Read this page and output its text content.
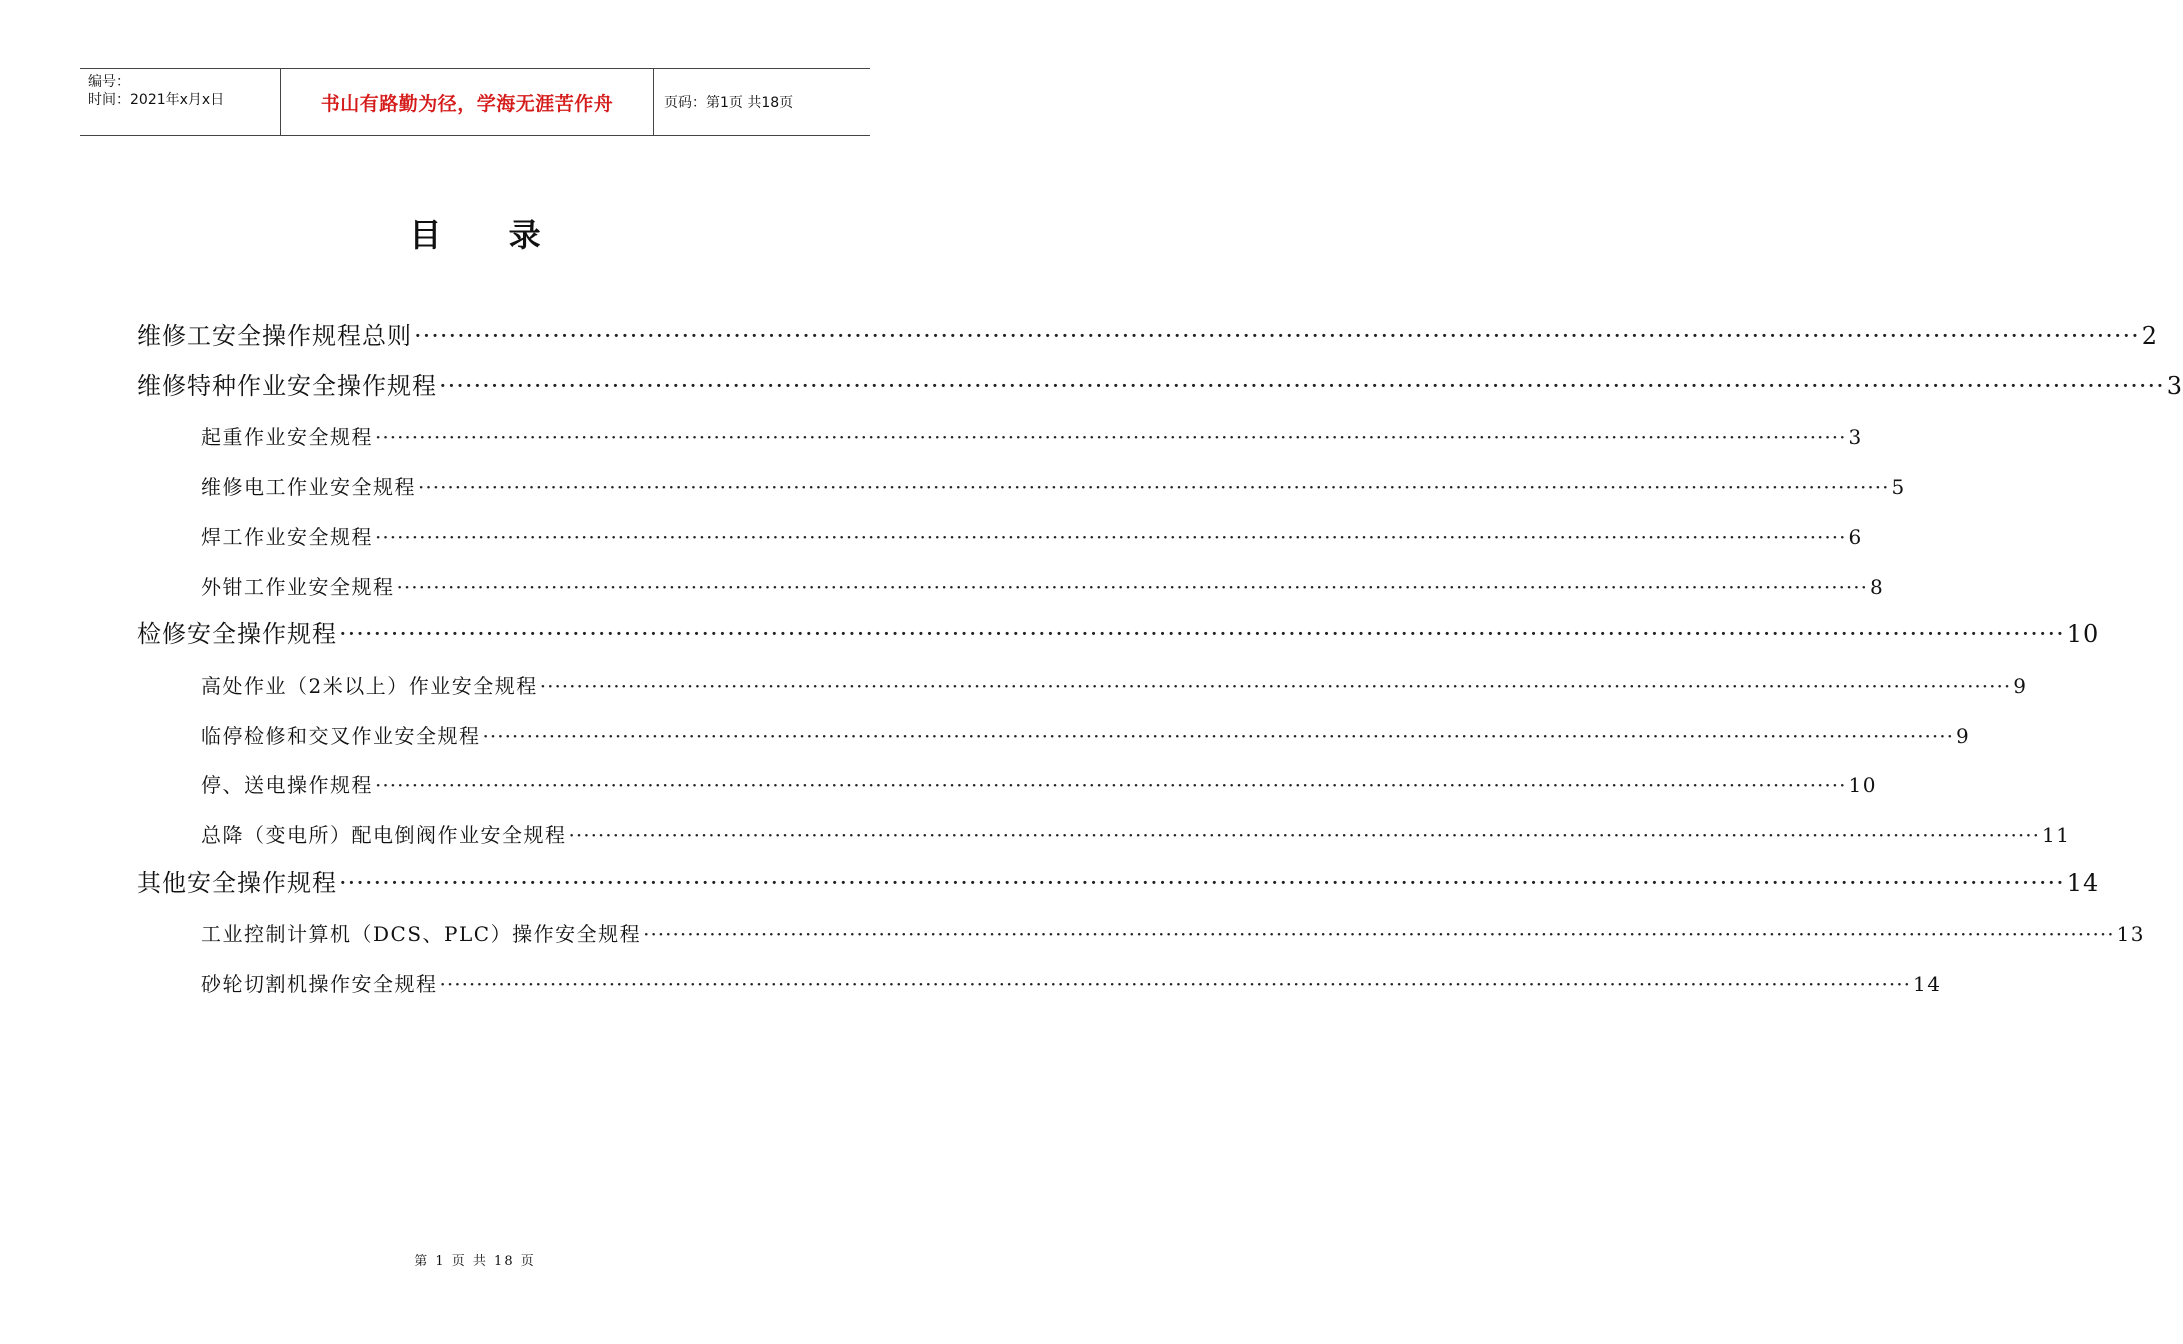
编号：
时间：2021年x月x日	书山有路勤为径，学海无涯苦作舟	页码：第1页 共18页
目 录
维修工安全操作规程总则 ········································································································································································································ 2
维修特种作业安全操作规程 ········································································································································································································ 3
起重作业安全规程 ········································································································································································································ 3
维修电工作业安全规程 ········································································································································································································ 5
焊工作业安全规程 ········································································································································································································ 6
外钳工作业安全规程 ········································································································································································································ 8
检修安全操作规程 ········································································································································································································ 10
高处作业（2米以上）作业安全规程 ········································································································································································································ 9
临停检修和交叉作业安全规程 ········································································································································································································ 9
停、送电操作规程 ········································································································································································································ 10
总降（变电所）配电倒阀作业安全规程 ········································································································································································································ 11
其他安全操作规程 ········································································································································································································ 14
工业控制计算机（DCS、PLC）操作安全规程 ········································································································································································································ 13
砂轮切割机操作安全规程 ········································································································································································································ 14
第 1 页 共 18 页
